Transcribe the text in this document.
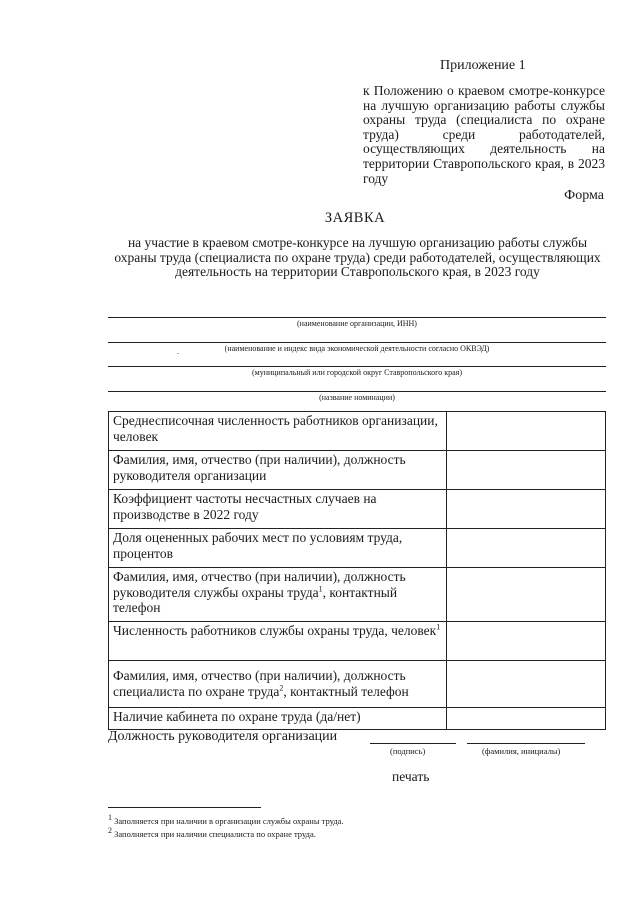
Приложение 1
к Положению о краевом смотре-конкурсе на лучшую организацию работы службы охраны труда (специалиста по охране труда) среди работодателей, осуществляющих деятельность на территории Ставропольского края, в 2023 году
Форма
ЗАЯВКА
на участие в краевом смотре-конкурсе на лучшую организацию работы службы охраны труда (специалиста по охране труда) среди работодателей, осуществляющих деятельность на территории Ставропольского края, в 2023 году
(наименование организации, ИНН)
.	(наименование и индекс вида экономической деятельности согласно ОКВЭД)
(муниципальный или городской округ Ставропольского края)
(название номинации)
Среднесписочная численность работников организации, человек	
Фамилия, имя, отчество (при наличии), должность руководителя организации	
Коэффициент частоты несчастных случаев на производстве в 2022 году	
Доля оцененных рабочих мест по условиям труда, процентов	
Фамилия, имя, отчество (при наличии), должность руководителя службы охраны труда$^1$, контактный телефон	
Численность работников службы охраны труда, человек$^1$	
Фамилия, имя, отчество (при наличии), должность специалиста по охране труда$^2$, контактный телефон	
Наличие кабинета по охране труда (да/нет)	
Должность руководителя организации
(подпись)	(фамилия, инициалы)
печать
$^1$ Заполняется при наличии в организации службы охраны труда.
$^2$ Заполняется при наличии специалиста по охране труда.
